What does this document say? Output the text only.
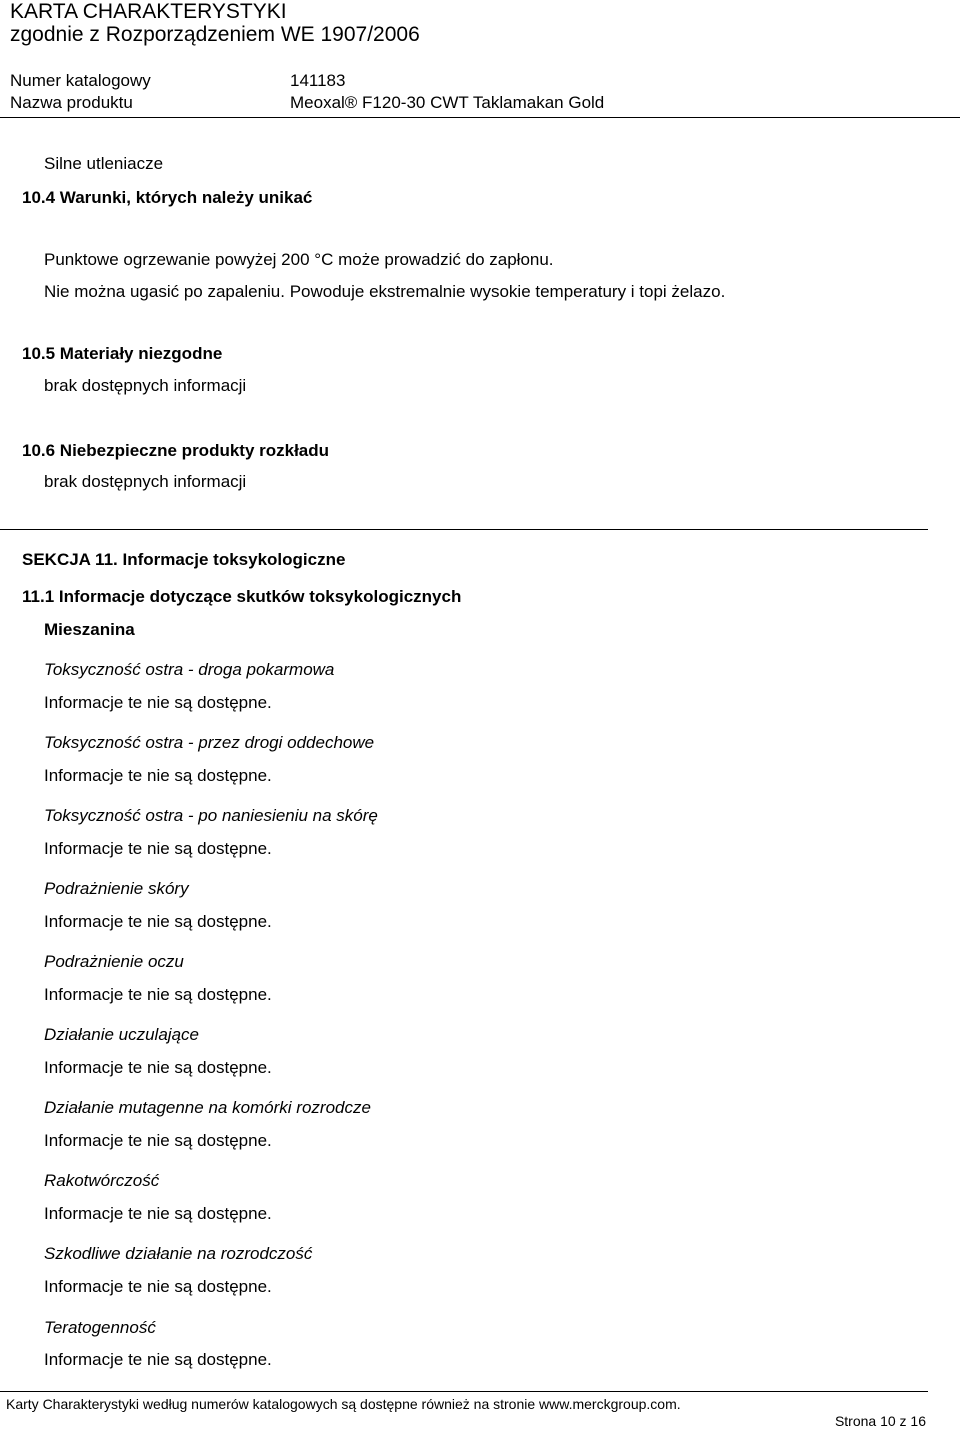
KARTA CHARAKTERYSTYKI
zgodnie z Rozporządzeniem WE 1907/2006
Numer katalogowy	141183
Nazwa produktu	Meoxal® F120-30 CWT Taklamakan Gold
Silne utleniacze
10.4 Warunki, których należy unikać
Punktowe ogrzewanie powyżej 200 °C może prowadzić do zapłonu.
Nie można ugasić po zapaleniu. Powoduje ekstremalnie wysokie temperatury i topi żelazo.
10.5 Materiały niezgodne
brak dostępnych informacji
10.6 Niebezpieczne produkty rozkładu
brak dostępnych informacji
SEKCJA 11. Informacje toksykologiczne
11.1 Informacje dotyczące skutków toksykologicznych
Mieszanina
Toksyczność ostra - droga pokarmowa
Informacje te nie są dostępne.
Toksyczność ostra - przez drogi oddechowe
Informacje te nie są dostępne.
Toksyczność ostra - po naniesieniu na skórę
Informacje te nie są dostępne.
Podrażnienie skóry
Informacje te nie są dostępne.
Podrażnienie oczu
Informacje te nie są dostępne.
Działanie uczulające
Informacje te nie są dostępne.
Działanie mutagenne na komórki rozrodcze
Informacje te nie są dostępne.
Rakotwórczość
Informacje te nie są dostępne.
Szkodliwe działanie na rozrodczość
Informacje te nie są dostępne.
Teratogenność
Informacje te nie są dostępne.
Karty Charakterystyki według numerów katalogowych są dostępne również na stronie www.merckgroup.com.
Strona 10 z 16
